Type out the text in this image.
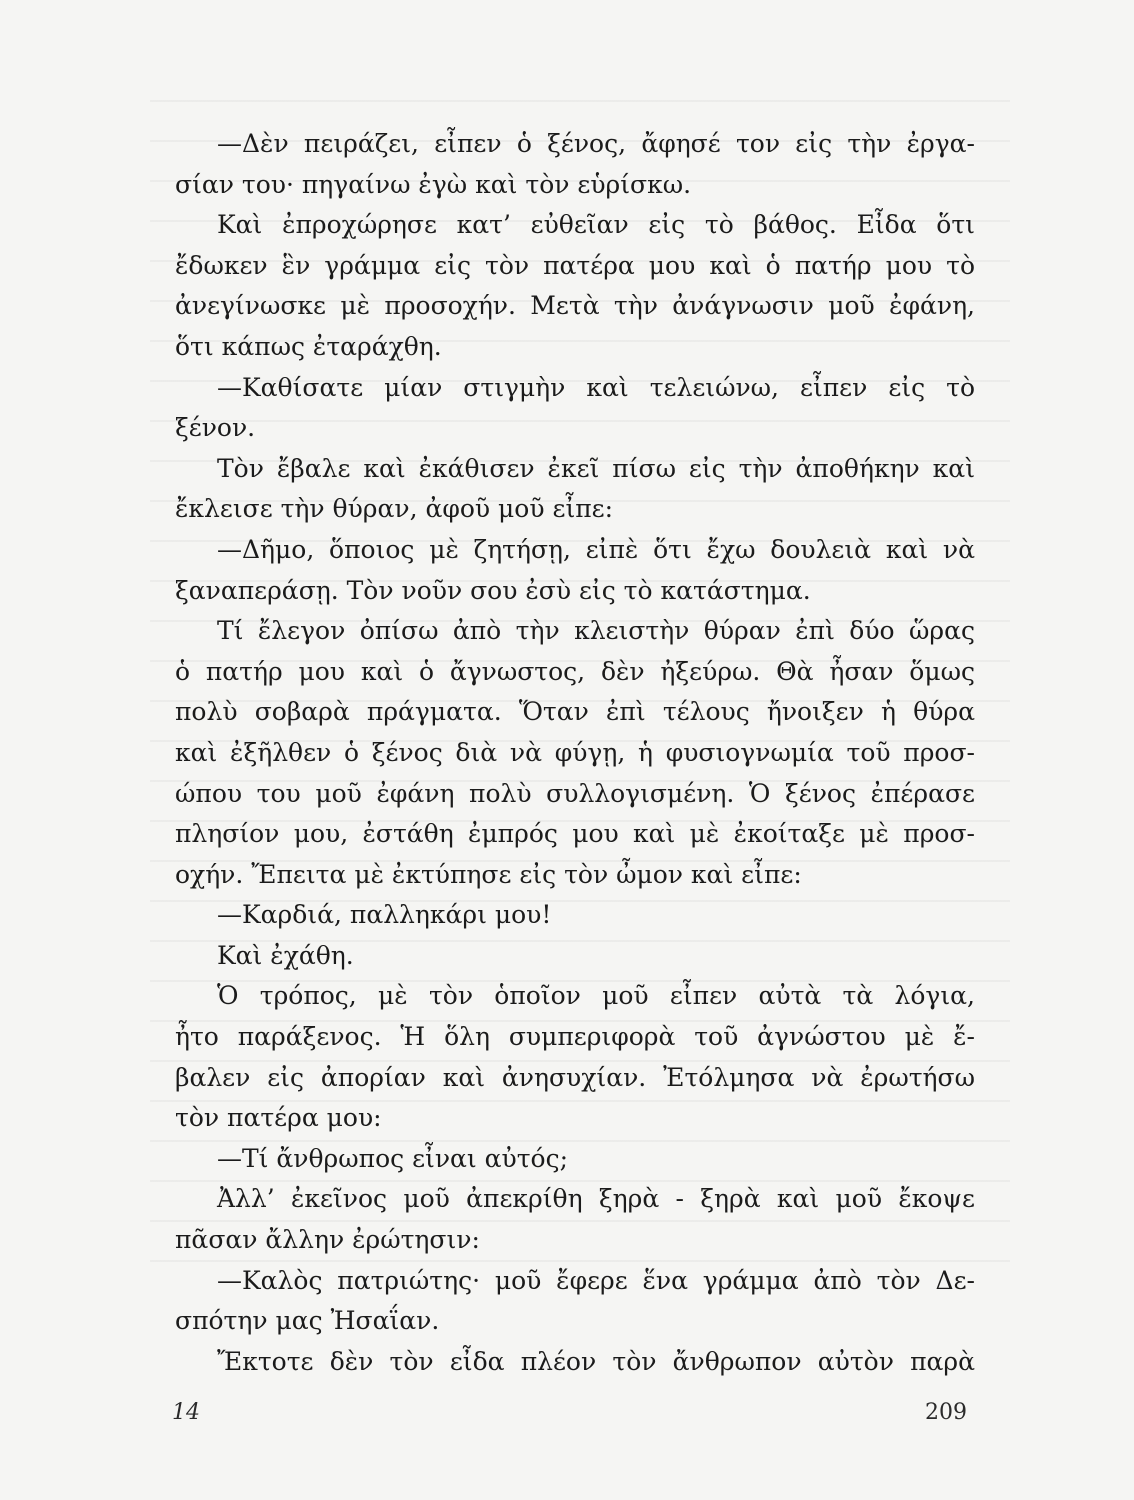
—Δὲν πειράζει, εἶπεν ὁ ξένος, ἄφησέ τον εἰς τὴν ἐργα-
σίαν του· πηγαίνω ἐγὼ καὶ τὸν εὑρίσκω.
Καὶ ἐπροχώρησε κατ’ εὐθεῖαν εἰς τὸ βάθος. Εἶδα ὅτι
ἔδωκεν ἓν γράμμα εἰς τὸν πατέρα μου καὶ ὁ πατήρ μου τὸ
ἀνεγίνωσκε μὲ προσοχήν. Μετὰ τὴν ἀνάγνωσιν μοῦ ἐφάνη,
ὅτι κάπως ἐταράχθη.
—Καθίσατε μίαν στιγμὴν καὶ τελειώνω, εἶπεν εἰς τὸ
ξένον.
Τὸν ἔβαλε καὶ ἐκάθισεν ἐκεῖ πίσω εἰς τὴν ἀποθήκην καὶ
ἔκλεισε τὴν θύραν, ἀφοῦ μοῦ εἶπε:
—Δῆμο, ὅποιος μὲ ζητήσῃ, εἰπὲ ὅτι ἔχω δουλειὰ καὶ νὰ
ξαναπεράσῃ. Τὸν νοῦν σου ἐσὺ εἰς τὸ κατάστημα.
Τί ἔλεγον ὀπίσω ἀπὸ τὴν κλειστὴν θύραν ἐπὶ δύο ὥρας
ὁ πατήρ μου καὶ ὁ ἄγνωστος, δὲν ἠξεύρω. Θὰ ἦσαν ὅμως
πολὺ σοβαρὰ πράγματα. Ὅταν ἐπὶ τέλους ἤνοιξεν ἡ θύρα
καὶ ἐξῆλθεν ὁ ξένος διὰ νὰ φύγῃ, ἡ φυσιογνωμία τοῦ προσ-
ώπου του μοῦ ἐφάνη πολὺ συλλογισμένη. Ὁ ξένος ἐπέρασε
πλησίον μου, ἐστάθη ἐμπρός μου καὶ μὲ ἐκοίταξε μὲ προσ-
οχήν. Ἔπειτα μὲ ἐκτύπησε εἰς τὸν ὦμον καὶ εἶπε:
—Καρδιά, παλληκάρι μου!
Καὶ ἐχάθη.
Ὁ τρόπος, μὲ τὸν ὁποῖον μοῦ εἶπεν αὐτὰ τὰ λόγια,
ἦτο παράξενος. Ἡ ὅλη συμπεριφορὰ τοῦ ἀγνώστου μὲ ἔ-
βαλεν εἰς ἀπορίαν καὶ ἀνησυχίαν. Ἐτόλμησα νὰ ἐρωτήσω
τὸν πατέρα μου:
—Τί ἄνθρωπος εἶναι αὐτός;
Ἀλλ’ ἐκεῖνος μοῦ ἀπεκρίθη ξηρὰ - ξηρὰ καὶ μοῦ ἔκοψε
πᾶσαν ἄλλην ἐρώτησιν:
—Καλὸς πατριώτης· μοῦ ἔφερε ἕνα γράμμα ἀπὸ τὸν Δε-
σπότην μας Ἠσαΐαν.
Ἔκτοτε δὲν τὸν εἶδα πλέον τὸν ἄνθρωπον αὐτὸν παρὰ
14	209
